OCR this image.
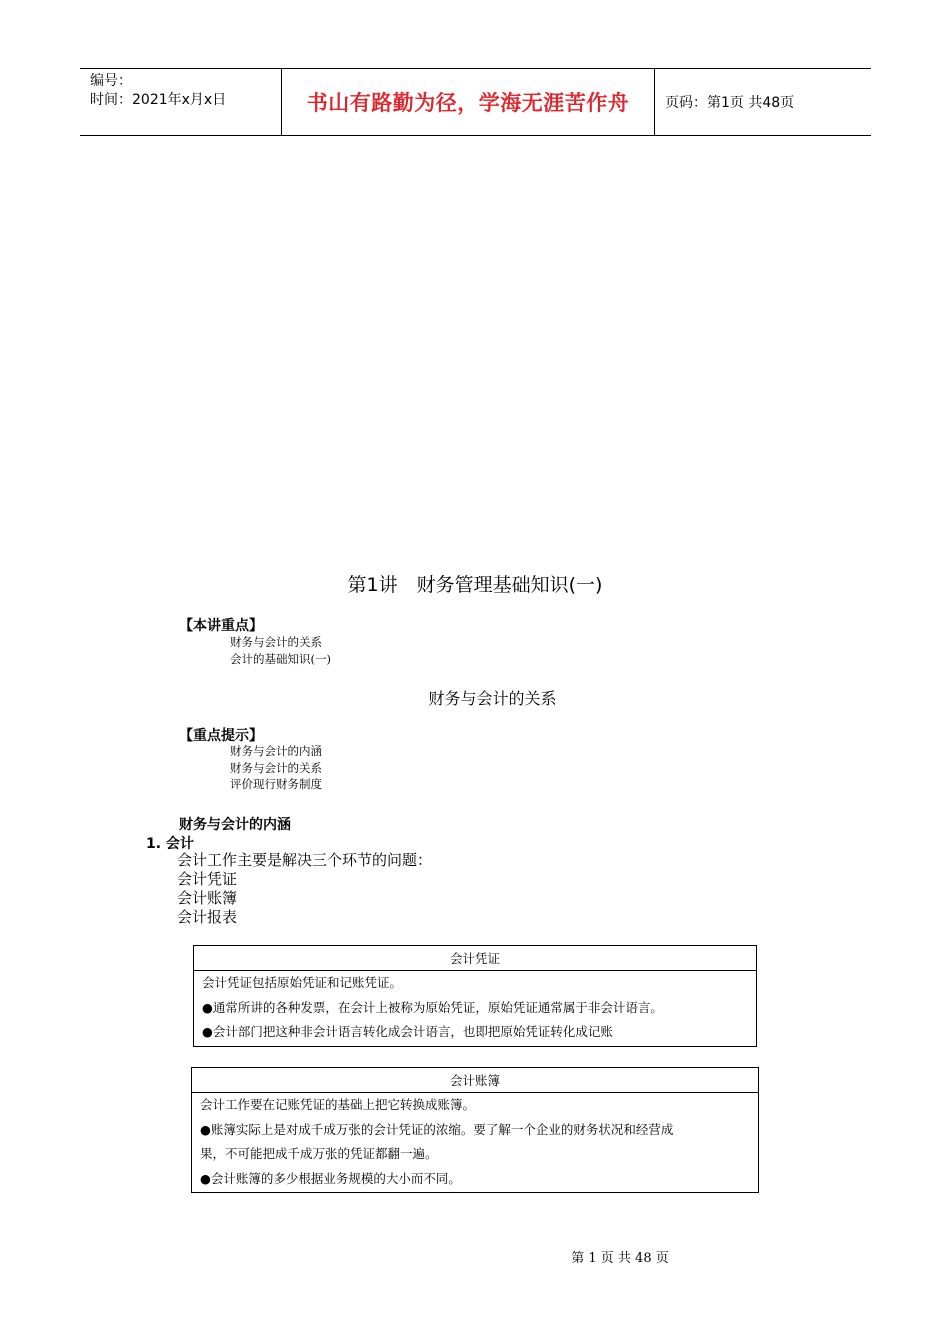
编号：
时间：2021年x月x日	书山有路勤为径，学海无涯苦作舟	页码：第1页 共48页
第1讲　财务管理基础知识(一)
【本讲重点】
财务与会计的关系
会计的基础知识(一)
财务与会计的关系
【重点提示】
财务与会计的内涵
财务与会计的关系
评价现行财务制度
财务与会计的内涵
1. 会计
会计工作主要是解决三个环节的问题：
会计凭证
会计账簿
会计报表
会计凭证
会计凭证包括原始凭证和记账凭证。
●通常所讲的各种发票，在会计上被称为原始凭证，原始凭证通常属于非会计语言。
●会计部门把这种非会计语言转化成会计语言，也即把原始凭证转化成记账
会计账簿
会计工作要在记账凭证的基础上把它转换成账簿。
●账簿实际上是对成千成万张的会计凭证的浓缩。要了解一个企业的财务状况和经营成
果，不可能把成千成万张的凭证都翻一遍。
●会计账簿的多少根据业务规模的大小而不同。
第 1 页 共 48 页
